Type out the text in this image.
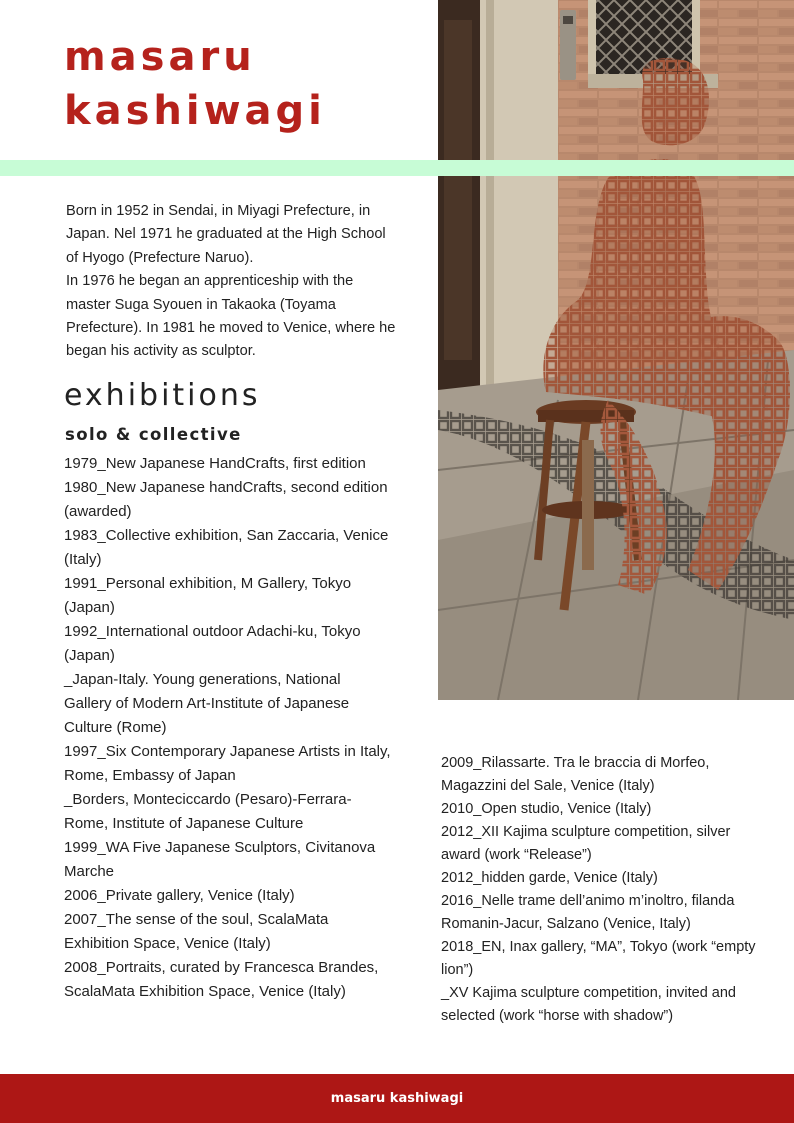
masaru
kashiwagi

Born in 1952 in Sendai, in Miyagi Prefecture, in Japan. Nel 1971 he graduated at the High School of Hyogo (Prefecture Naruo).

In 1976 he began an apprenticeship with the master Suga Syouen in Takaoka (Toyama Prefecture). In 1981 he moved to Venice, where he began his activity as sculptor.

exhibitions
solo & collective
1979_New Japanese HandCrafts, first edition
1980_New Japanese handCrafts, second edition (awarded)
1983_Collective exhibition, San Zaccaria, Venice (Italy)
1991_Personal exhibition, M Gallery, Tokyo (Japan)
1992_International outdoor Adachi-ku, Tokyo (Japan)
_Japan-Italy. Young generations, National Gallery of Modern Art-Institute of Japanese Culture (Rome)
1997_Six Contemporary Japanese Artists in Italy, Rome, Embassy of Japan
_Borders, Monteciccardo (Pesaro)-Ferrara-Rome, Institute of Japanese Culture
1999_WA Five Japanese Sculptors, Civitanova Marche
2006_Private gallery, Venice (Italy)
2007_The sense of the soul, ScalaMata Exhibition Space, Venice (Italy)
2008_Portraits, curated by Francesca Brandes, ScalaMata Exhibition Space, Venice (Italy)
2009_Rilassarte. Tra le braccia di Morfeo, Magazzini del Sale, Venice (Italy)
2010_Open studio, Venice (Italy)
2012_XII Kajima sculpture competition, silver award (work “Release”)
2012_hidden garde, Venice (Italy)
2016_Nelle trame dell’animo m’inoltro, filanda Romanin-Jacur, Salzano (Venice, Italy)
2018_EN, Inax gallery, “MA”, Tokyo (work “empty lion”)
_XV Kajima sculpture competition, invited and selected (work “horse with shadow”)
masaru kashiwagi
